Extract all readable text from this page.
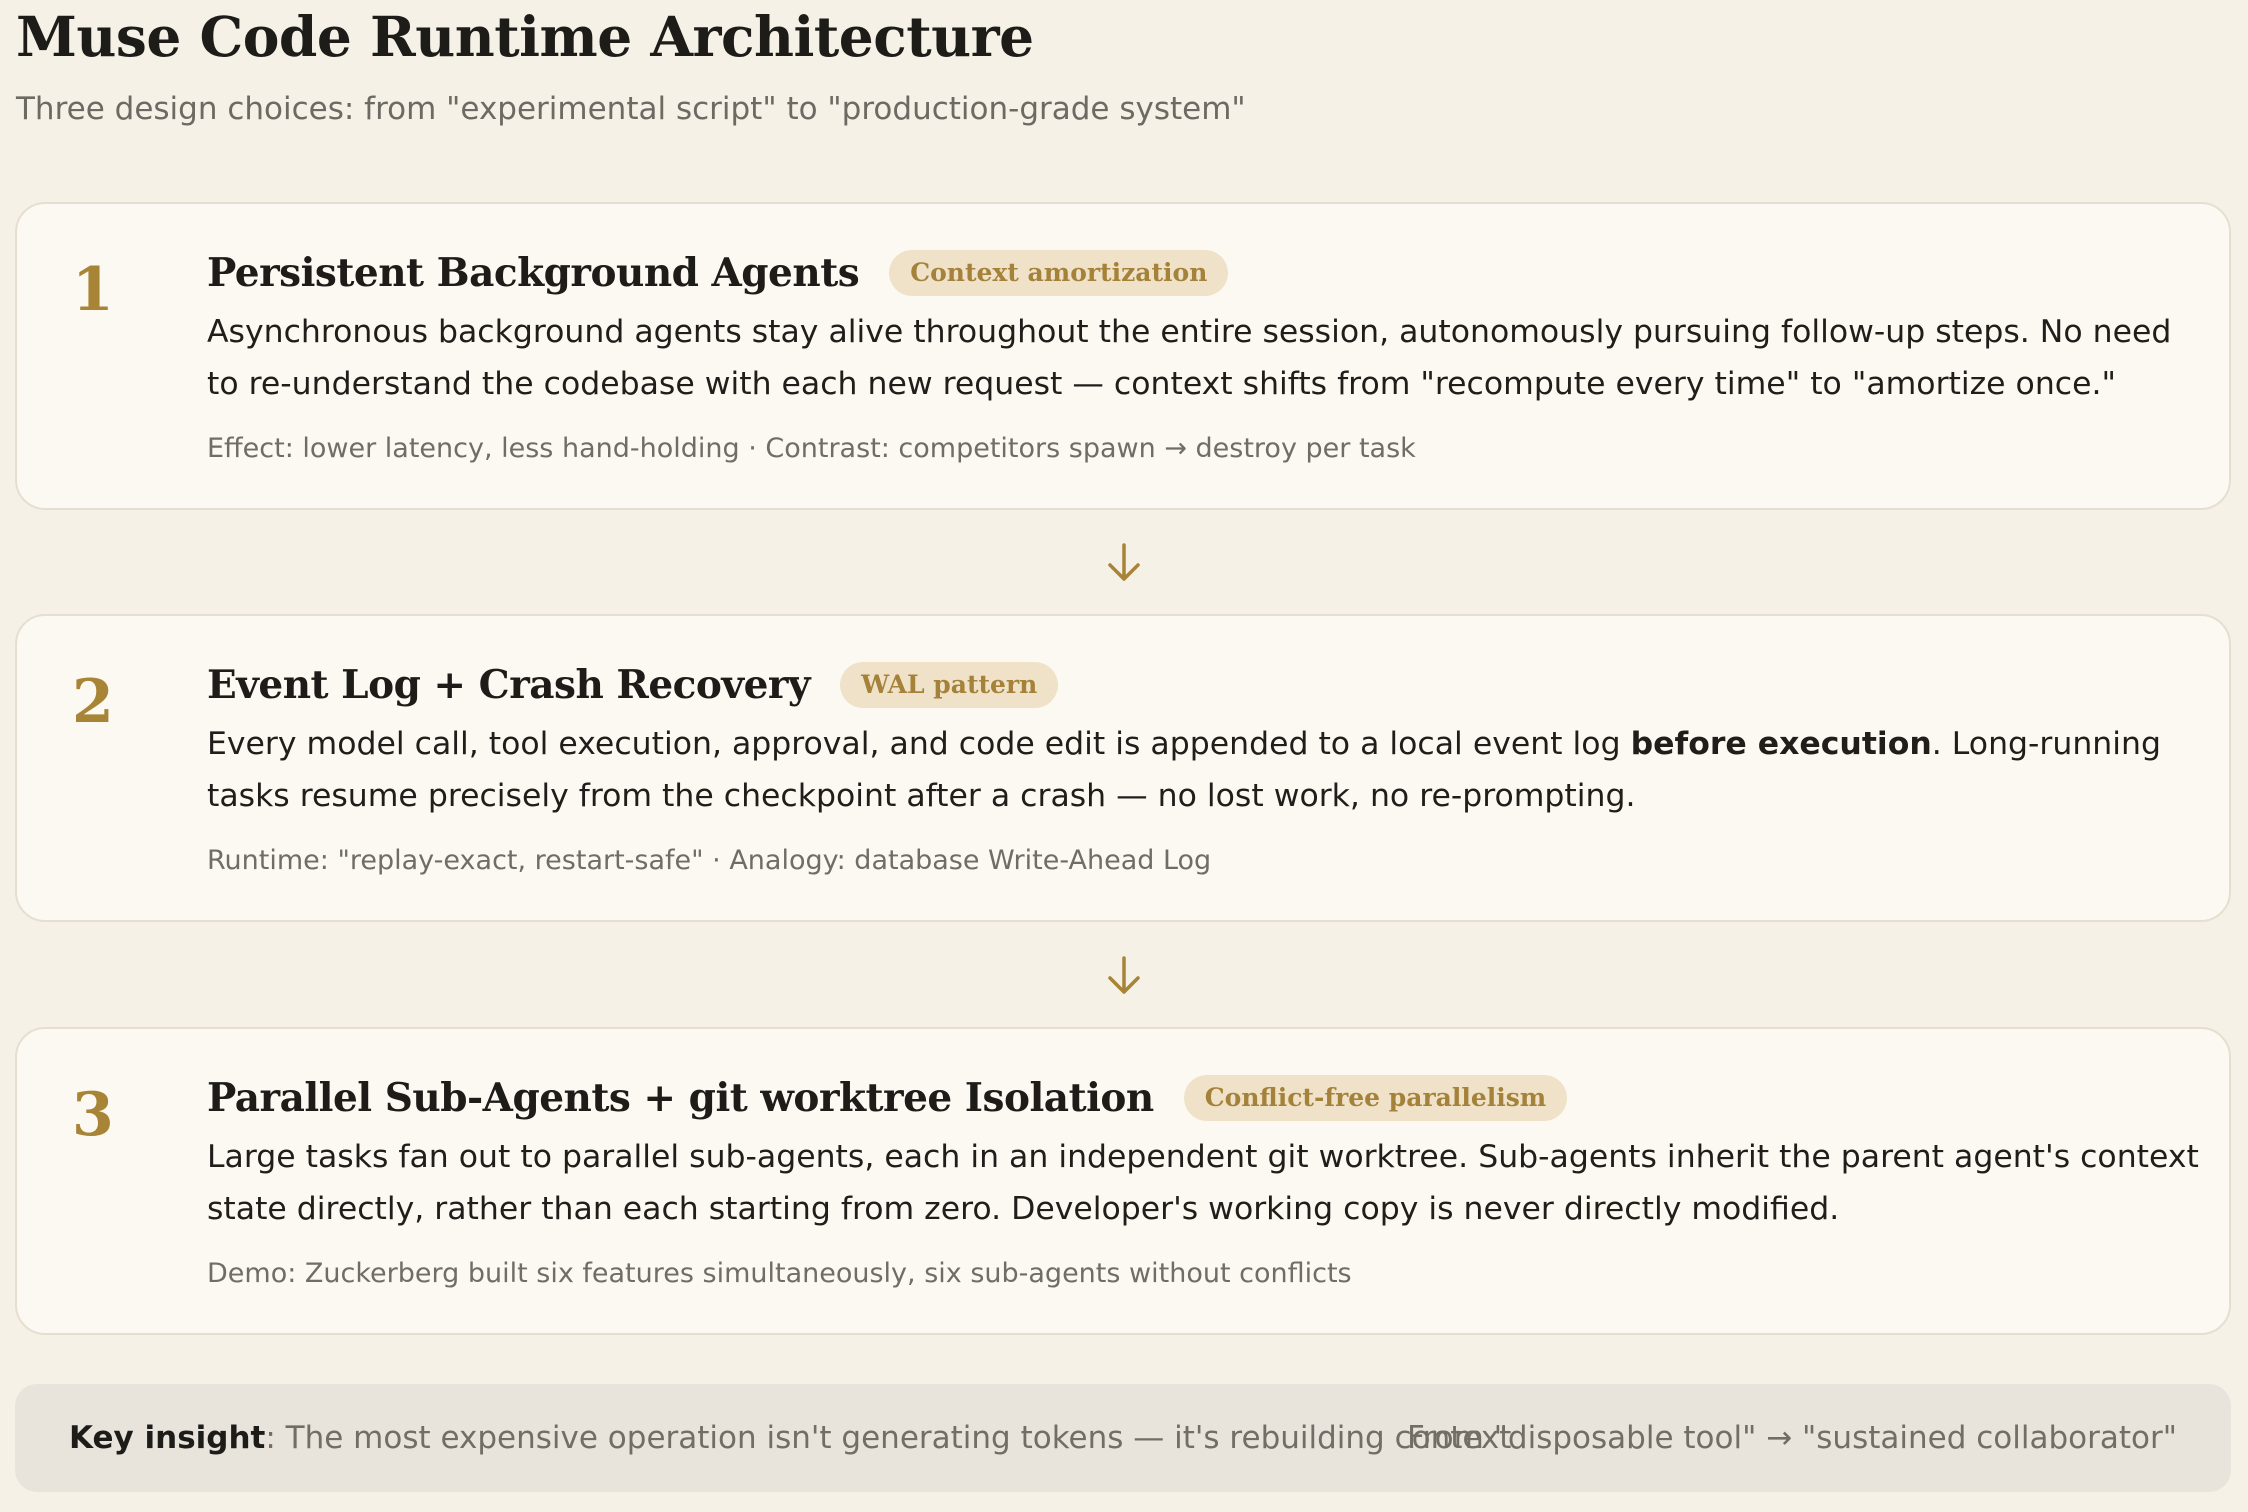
Muse Code Runtime Architecture

Three design choices: from "experimental script" to "production-grade system"

1 Persistent Background Agents	Context amortization

Asynchronous background agents stay alive throughout the entire session, autonomously pursuing follow-up steps. No need to re-understand the codebase with each new request — context shifts from "recompute every time" to "amortize once."

Effect: lower latency, less hand-holding · Contrast: competitors spawn → destroy per task

2 Event Log + Crash Recovery	WAL pattern

Every model call, tool execution, approval, and code edit is appended to a local event log before execution. Long-running tasks resume precisely from the checkpoint after a crash — no lost work, no re-prompting.

Runtime: "replay-exact, restart-safe" · Analogy: database Write-Ahead Log

3 Parallel Sub-Agents + git worktree Isolation	Conflict-free parallelism

Large tasks fan out to parallel sub-agents, each in an independent git worktree. Sub-agents inherit the parent agent's context state directly, rather than each starting from zero. Developer's working copy is never directly modified.

Demo: Zuckerberg built six features simultaneously, six sub-agents without conflicts

Key insight: The most expensive operation isn't generating tokens — it's rebuilding context
From "disposable tool" → "sustained collaborator"
